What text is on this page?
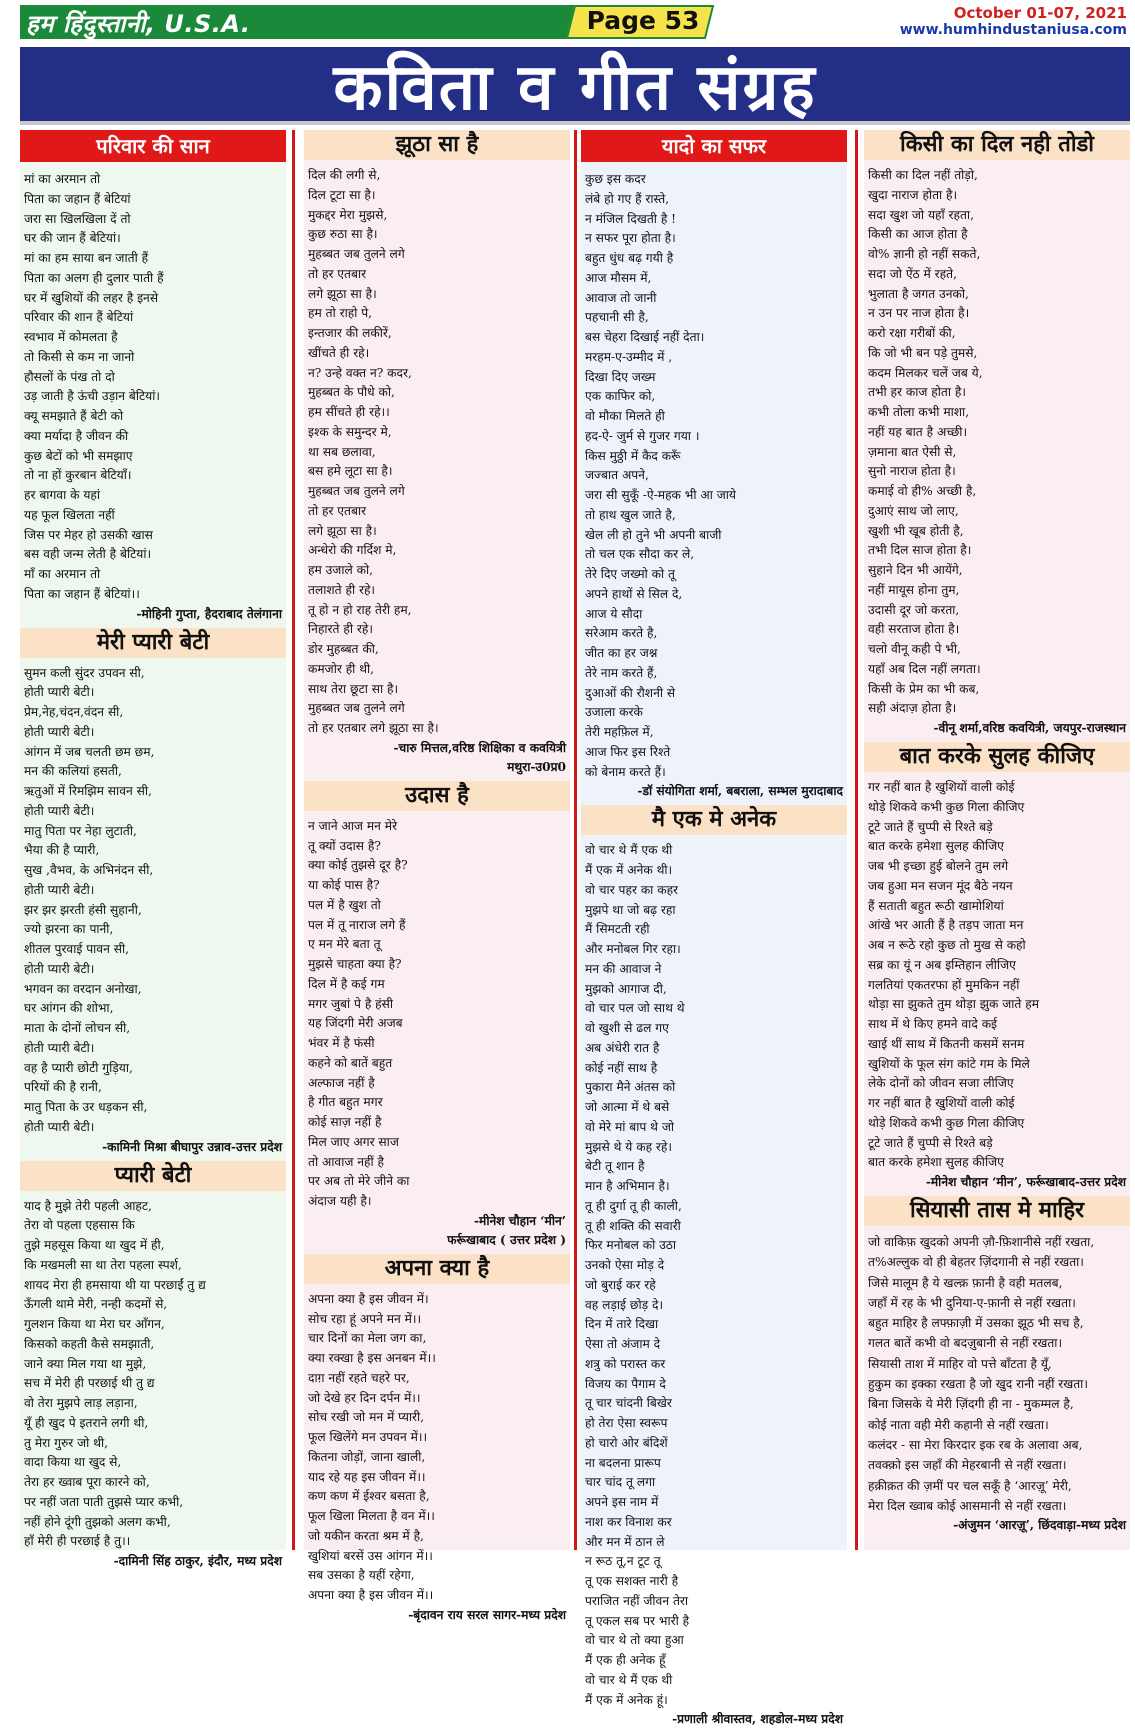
हम हिंदुस्तानी, U.S.A.	Page 53	October 01-07, 2021
www.humhindustaniusa.com
कविता व गीत संग्रह
परिवार की सान

मां का अरमान तो

पिता का जहान हैं बेटियां

जरा सा खिलखिला दें तो

घर की जान हैं बेटियां।

मां का हम साया बन जाती हैं

पिता का अलग ही दुलार पाती हैं

घर में खुशियों की लहर है इनसे

परिवार की शान हैं बेटियां

स्वभाव में कोमलता है

तो किसी से कम ना जानो

हौसलों के पंख तो दो

उड़ जाती है ऊंची उड़ान बेटियां।

क्यू समझाते हैं बेटी को

क्या मर्यादा है जीवन की

कुछ बेटों को भी समझाए

तो ना हों कुरबान बेटियाँ।

हर बागवा के यहां

यह फूल खिलता नहीं

जिस पर मेहर हो उसकी खास

बस वही जन्म लेती है बेटियां।

माँ का अरमान तो

पिता का जहान हैं बेटियां।।

-मोहिनी गुप्ता, हैदराबाद तेलंगाना
मेरी प्यारी बेटी

सुमन कली सुंदर उपवन सी,

होती प्यारी बेटी।

प्रेम,नेह,चंदन,वंदन सी,

होती प्यारी बेटी।

आंगन में जब चलती छम छम,

मन की कलियां हसती,

ऋतुओं में रिमझिम सावन सी,

होती प्यारी बेटी।

मातु पिता पर नेहा लुटाती,

भैया की है प्यारी,

सुख ,वैभव, के अभिनंदन सी,

होती प्यारी बेटी।

झर झर झरती हंसी सुहानी,

ज्यो झरना का पानी,

शीतल पुरवाई पावन सी,

होती प्यारी बेटी।

भगवन का वरदान अनोखा,

घर आंगन की शोभा,

माता के दोनों लोचन सी,

होती प्यारी बेटी।

वह है प्यारी छोटी गुड़िया,

परियों की है रानी,

मातु पिता के उर धड़कन सी,

होती प्यारी बेटी।

-कामिनी मिश्रा बीघापुर उन्नाव-उत्तर प्रदेश
प्यारी बेटी

याद है मुझे तेरी पहली आहट,

तेरा वो पहला एहसास कि

तुझे महसूस किया था खुद में ही,

कि मखमली सा था तेरा पहला स्पर्श,

शायद मेरा ही हमसाया थी या परछाईं तु द्य

ऊँगली थामे मेरी, नन्ही कदमों से,

गुलशन किया था मेरा घर आँगन,

किसको कहती कैसे समझाती,

जाने क्या मिल गया था मुझे,

सच में मेरी ही परछाई थी तु द्य

वो तेरा मुझपे लाड़ लड़ाना,

यूँ ही खुद पे इतराने लगी थी,

तु मेरा गुरुर जो थी,

वादा किया था खुद से,

तेरा हर ख्वाब पूरा कारने को,

पर नहीं जता पाती तुझसे प्यार कभी,

नहीं होने दूंगी तुझको अलग कभी,

हाँ मेरी ही परछाई है तु।।

-दामिनी सिंह ठाकुर, इंदौर, मध्य प्रदेश
झूठा सा है

दिल की लगी से,

दिल टूटा सा है।

मुकद्दर मेरा मुझसे,

कुछ रुठा सा है।

मुहब्बत जब तुलने लगे

तो हर एतबार

लगे झूठा सा है।

हम तो राहो पे,

इन्तजार की लकीरें,

खींचते ही रहे।

न? उन्हे वक्त न? कदर,

मुहब्बत के पौधे को,

हम सींचते ही रहे।।

इश्क के समुन्दर मे,

था सब छलावा,

बस हमे लूटा सा है।

मुहब्बत जब तुलने लगे

तो हर एतबार

लगे झूठा सा है।

अन्धेरो की गर्दिश मे,

हम उजाले को,

तलाशते ही रहे।

तू हो न हो राह तेरी हम,

निहारते ही रहे।

डोर मुहब्बत की,

कमजोर ही थी,

साथ तेरा छूटा सा है।

मुहब्बत जब तुलने लगे

तो हर एतबार लगे झूठा सा है।

-चारु मित्तल,वरिष्ठ शिक्षिका व कवयित्री
मथुरा-उ0प्र0
उदास है

न जाने आज मन मेरे

तू क्यों उदास है?

क्या कोई तुझसे दूर है?

या कोई पास है?

पल में है खुश तो

पल में तू नाराज लगे हैं

ए मन मेरे बता तू

मुझसे चाहता क्या है?

दिल में है कई गम

मगर जुबां पे है हंसी

यह जिंदगी मेरी अजब

भंवर में है फंसी

कहने को बातें बहुत

अल्फाज नहीं है

है गीत बहुत मगर

कोई साज़ नहीं है

मिल जाए अगर साज

तो आवाज नहीं है

पर अब तो मेरे जीने का

अंदाज यही है।

-मीनेश चौहान ‘मीन’
फर्रूखाबाद ( उत्तर प्रदेश )
अपना क्या है

अपना क्या है इस जीवन में।

सोच रहा हूं अपने मन में।।

चार दिनों का मेला जग का,

क्या रक्खा है इस अनबन में।।

दाग़ नहीं रहते चहरे पर,

जो देखे हर दिन दर्पन में।।

सोच रखी जो मन में प्यारी,

फूल खिलेंगे मन उपवन में।।

कितना जोड़ों, जाना खाली,

याद रहे यह इस जीवन में।।

कण कण में ईश्वर बसता है,

फूल खिला मिलता है वन में।।

जो यकीन करता श्रम में है,

खुशियां बरसें उस आंगन में।।

सब उसका है यहीं रहेगा,

अपना क्या है इस जीवन में।।

-बृंदावन राय सरल सागर-मध्य प्रदेश
यादो का सफर

कुछ इस कदर

लंबे हो गए हैं रास्ते,

न मंजिल दिखती है !

न सफर पूरा होता है।

बहुत धुंध बढ़ गयी है

आज मौसम में,

आवाज तो जानी

पहचानी सी है,

बस चेहरा दिखाई नहीं देता।

मरहम-ए-उम्मीद में ,

दिखा दिए जख्म

एक काफिर को,

वो मौका मिलते ही

हद-ऐ- जुर्म से गुजर गया ।

किस मुठ्ठी में कैद करूँ

जज्बात अपने,

जरा सी सुकूँ -ऐ-महक भी आ जाये

तो हाथ खुल जाते है,

खेल ली हो तुने भी अपनी बाजी

तो चल एक सौदा कर ले,

तेरे दिए जख्मो को तू

अपने हाथों से सिल दे,

आज ये सौदा

सरेआम करते है,

जीत का हर जश्न

तेरे नाम करते हैं,

दुआओं की रौशनी से

उजाला करके

तेरी महफ़िल में,

आज फिर इस रिश्ते

को बेनाम करते हैं।

-डॉ संयोगिता शर्मा, बबराला, सम्भल मुरादाबाद
मै एक मे अनेक

वो चार थे मैं एक थी

मैं एक में अनेक थी।

वो चार पहर का कहर

मुझपे था जो बढ़ रहा

मैं सिमटती रही

और मनोबल गिर रहा।

मन की आवाज ने

मुझको आगाज दी,

वो चार पल जो साथ थे

वो खुशी से ढल गए

अब अंधेरी रात है

कोई नहीं साथ है

पुकारा मैने अंतस को

जो आत्मा में थे बसे

वो मेरे मां बाप थे जो

मुझसे थे ये कह रहे।

बेटी तू शान है

मान है अभिमान है।

तू ही दुर्गा तू ही काली,

तू ही शक्ति की सवारी

फिर मनोबल को उठा

उनको ऐसा मोड़ दे

जो बुराई कर रहे

वह लड़ाई छोड़ दे।

दिन में तारे दिखा

ऐसा तो अंजाम दे

शत्रु को परास्त कर

विजय का पैगाम दे

तू चार चांदनी बिखेर

हो तेरा ऐसा स्वरूप

हो चारो ओर बंदिशें

ना बदलना प्रारूप

चार चांद तू लगा

अपने इस नाम में

नाश कर विनाश कर

और मन में ठान ले

न रूठ तू,न टूट तू

तू एक सशक्त नारी है

पराजित नहीं जीवन तेरा

तू एकल सब पर भारी है

वो चार थे तो क्या हुआ

मैं एक ही अनेक हूँ

वो चार थे मैं एक थी

मैं एक में अनेक हूं।

-प्रणाली श्रीवास्तव, शहडोल-मध्य प्रदेश
किसी का दिल नही तोडो

किसी का दिल नहीं तोड़ो,

खुदा नाराज होता है।

सदा खुश जो यहाँ रहता,

किसी का आज होता है

वो% ज्ञानी हो नहीं सकते,

सदा जो ऐंठ में रहते,

भुलाता है जगत उनको,

न उन पर नाज होता है।

करो रक्षा गरीबों की,

कि जो भी बन पड़े तुमसे,

कदम मिलकर चलें जब ये,

तभी हर काज होता है।

कभी तोला कभी माशा,

नहीं यह बात है अच्छी।

ज़माना बात ऐसी से,

सुनो नाराज होता है।

कमाई वो ही% अच्छी है,

दुआएं साथ जो लाए,

खुशी भी खूब होती है,

तभी दिल साज होता है।

सुहाने दिन भी आयेंगे,

नहीं मायूस होना तुम,

उदासी दूर जो करता,

वही सरताज होता है।

चलो वीनू कही पे भी,

यहाँ अब दिल नहीं लगता।

किसी के प्रेम का भी कब,

सही अंदाज़ होता है।

-वीनू शर्मा,वरिष्ठ कवयित्री, जयपुर-राजस्थान
बात करके सुलह कीजिए

गर नहीं बात है खुशियों वाली कोई

थोड़े शिकवे कभी कुछ गिला कीजिए

टूटे जाते हैं चुप्पी से रिश्ते बड़े

बात करके हमेशा सुलह कीजिए

जब भी इच्छा हुई बोलने तुम लगे

जब हुआ मन सजन मूंद बैठे नयन

हैं सताती बहुत रूठी खामोशियां

आंखे भर आती हैं है तड़प जाता मन

अब न रूठे रहो कुछ तो मुख से कहो

सब्र का यूं न अब इम्तिहान लीजिए

गलतियां एकतरफा हों मुमकिन नहीं

थोड़ा सा झुकते तुम थोड़ा झुक जाते हम

साथ में थे किए हमने वादे कई

खाई थीं साथ में कितनी कसमें सनम

खुशियों के फूल संग कांटे गम के मिले

लेके दोनों को जीवन सजा लीजिए

गर नहीं बात है खुशियों वाली कोई

थोड़े शिकवे कभी कुछ गिला कीजिए

टूटे जाते हैं चुप्पी से रिश्ते बड़े

बात करके हमेशा सुलह कीजिए

-मीनेश चौहान ‘मीन’, फर्रूखाबाद-उत्तर प्रदेश
सियासी तास मे माहिर

जो वाकिफ़ खुदको अपनी ज़ौ-फ़िशानीसे नहीं रखता,

त%अल्लुक वो ही बेहतर ज़िंदगानी से नहीं रखता।

जिसे मालूम है ये खल्क़ फ़ानी है वही मतलब,

जहाँ में रह के भी दुनिया-ए-फ़ानी से नहीं रखता।

बहुत माहिर है लफ्फ़ाज़ी में उसका झूठ भी सच है,

गलत बातें कभी वो बदज़ुबानी से नहीं रखता।

सियासी ताश में माहिर वो पत्ते बाँटता है यूँ,

हुकुम का इक्का रखता है जो खुद रानी नहीं रखता।

बिना जिसके ये मेरी ज़िंदगी ही ना - मुकम्मल है,

कोई नाता वही मेरी कहानी से नहीं रखता।

कलंदर - सा मेरा किरदार इक रब के अलावा अब,

तवक्क़ो इस जहाँ की मेहरबानी से नहीं रखता।

हक़ीक़त की ज़मीं पर चल सकूँ है ‘आरज़ू’ मेरी,

मेरा दिल ख्वाब कोई आसमानी से नहीं रखता।

-अंजुमन ‘आरज़ू’, छिंदवाड़ा-मध्य प्रदेश
